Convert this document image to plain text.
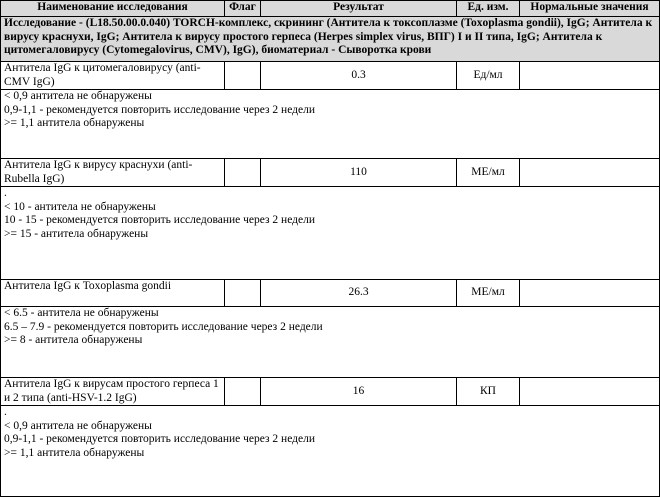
Наименование исследования	Флаг	Результат	Ед. изм.	Нормальные значения
Исследование - (L18.50.00.0.040) TORCH-комплекс, скрининг (Антитела к токсоплазме (Toxoplasma gondii), IgG; Антитела к вирусу краснухи, IgG; Антитела к вирусу простого герпеса (Herpes simplex virus, ВПГ) I и II типа, IgG; Антитела к цитомегаловирусу (Cytomegalovirus, CMV), IgG), биоматериал - Сыворотка крови				
Антитела IgG к цитомегаловирусу (anti-CMV IgG)		0.3	Ед/мл	

< 0,9 антитела не обнаружены
0,9-1,1 - рекомендуется повторить исследование через 2 недели
>= 1,1 антитела обнаружены				

Антитела IgG к вирусу краснухи (anti-Rubella IgG)		110	МЕ/мл	

.
< 10 - антитела не обнаружены
10 - 15 - рекомендуется повторить исследование через 2 недели
>= 15 - антитела обнаружены				

Антитела IgG к Toxoplasma gondii		26.3	МЕ/мл	

< 6.5 - антитела не обнаружены
6.5 – 7.9 - рекомендуется повторить исследование через 2 недели
>= 8 - антитела обнаружены				

Антитела IgG к вирусам простого герпеса 1 и 2 типа (anti-HSV-1.2 IgG)		16	КП	

.
< 0,9 антитела не обнаружены
0,9-1,1 - рекомендуется повторить исследование через 2 недели
>= 1,1 антитела обнаружены				
